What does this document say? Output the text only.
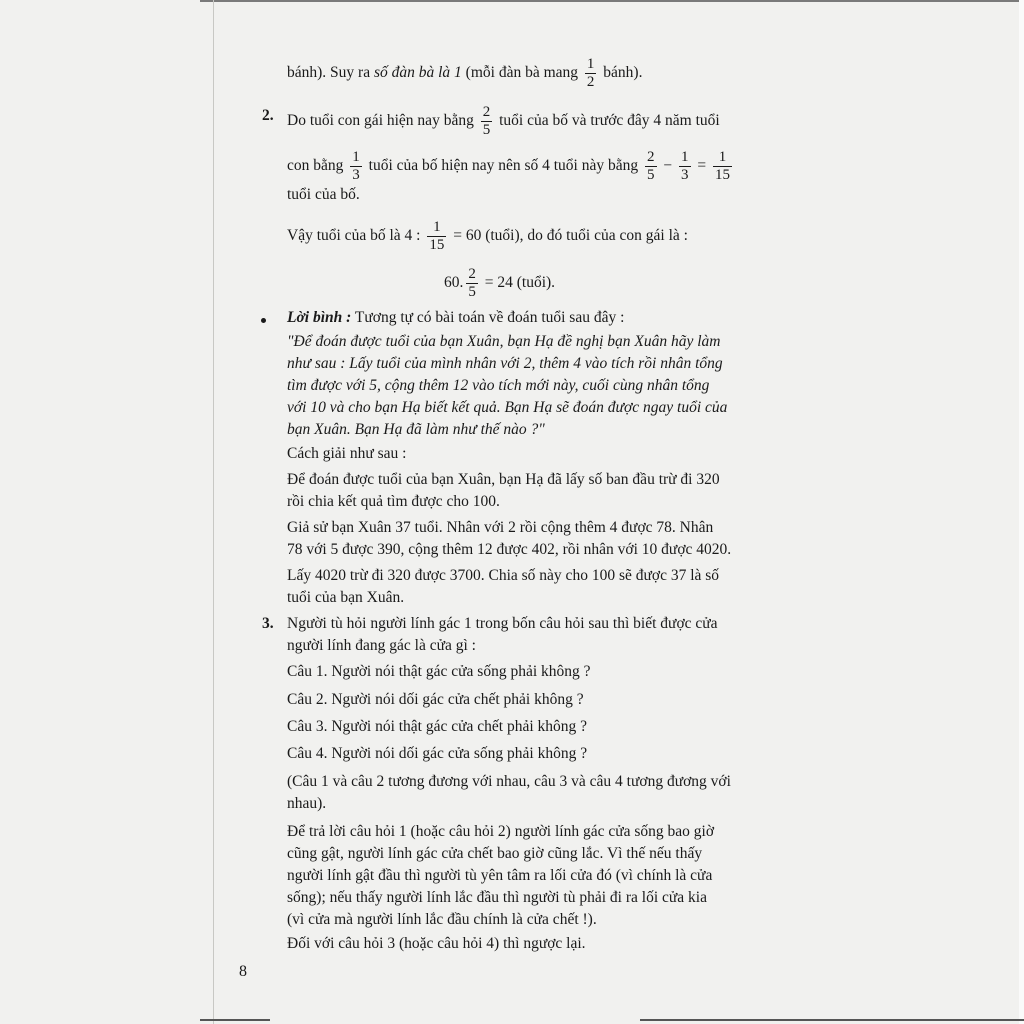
bánh). Suy ra số đàn bà là 1 (mỗi đàn bà mang $\frac{1}{2}$ bánh).
2. Do tuổi con gái hiện nay bằng $\frac{2}{5}$ tuổi của bố và trước đây 4 năm tuổi
con bằng $\frac{1}{3}$ tuổi của bố hiện nay nên số 4 tuổi này bằng $\frac{2}{5} - \frac{1}{3} = \frac{1}{15}$
tuổi của bố.
Vậy tuổi của bố là 4 : $\frac{1}{15} = 60$ (tuổi), do đó tuổi của con gái là :
60. $\frac{2}{5} = 24$ (tuổi).
Lời bình : Tương tự có bài toán về đoán tuổi sau đây :
"Để đoán được tuổi của bạn Xuân, bạn Hạ đề nghị bạn Xuân hãy làm
như sau : Lấy tuổi của mình nhân với 2, thêm 4 vào tích rồi nhân tổng
tìm được với 5, cộng thêm 12 vào tích mới này, cuối cùng nhân tổng
với 10 và cho bạn Hạ biết kết quả. Bạn Hạ sẽ đoán được ngay tuổi của
bạn Xuân. Bạn Hạ đã làm như thế nào ?"
Cách giải như sau :
Để đoán được tuổi của bạn Xuân, bạn Hạ đã lấy số ban đầu trừ đi 320
rồi chia kết quả tìm được cho 100.
Giả sử bạn Xuân 37 tuổi. Nhân với 2 rồi cộng thêm 4 được 78. Nhân
78 với 5 được 390, cộng thêm 12 được 402, rồi nhân với 10 được 4020.
Lấy 4020 trừ đi 320 được 3700. Chia số này cho 100 sẽ được 37 là số
tuổi của bạn Xuân.
3. Người tù hỏi người lính gác 1 trong bốn câu hỏi sau thì biết được cửa
người lính đang gác là cửa gì :
Câu 1. Người nói thật gác cửa sống phải không ?
Câu 2. Người nói dối gác cửa chết phải không ?
Câu 3. Người nói thật gác cửa chết phải không ?
Câu 4. Người nói dối gác cửa sống phải không ?
(Câu 1 và câu 2 tương đương với nhau, câu 3 và câu 4 tương đương với
nhau).
Để trả lời câu hỏi 1 (hoặc câu hỏi 2) người lính gác cửa sống bao giờ
cũng gật, người lính gác cửa chết bao giờ cũng lắc. Vì thế nếu thấy
người lính gật đầu thì người tù yên tâm ra lối cửa đó (vì chính là cửa
sống); nếu thấy người lính lắc đầu thì người tù phải đi ra lối cửa kia
(vì cửa mà người lính lắc đầu chính là cửa chết !).
Đối với câu hỏi 3 (hoặc câu hỏi 4) thì ngược lại.
8
